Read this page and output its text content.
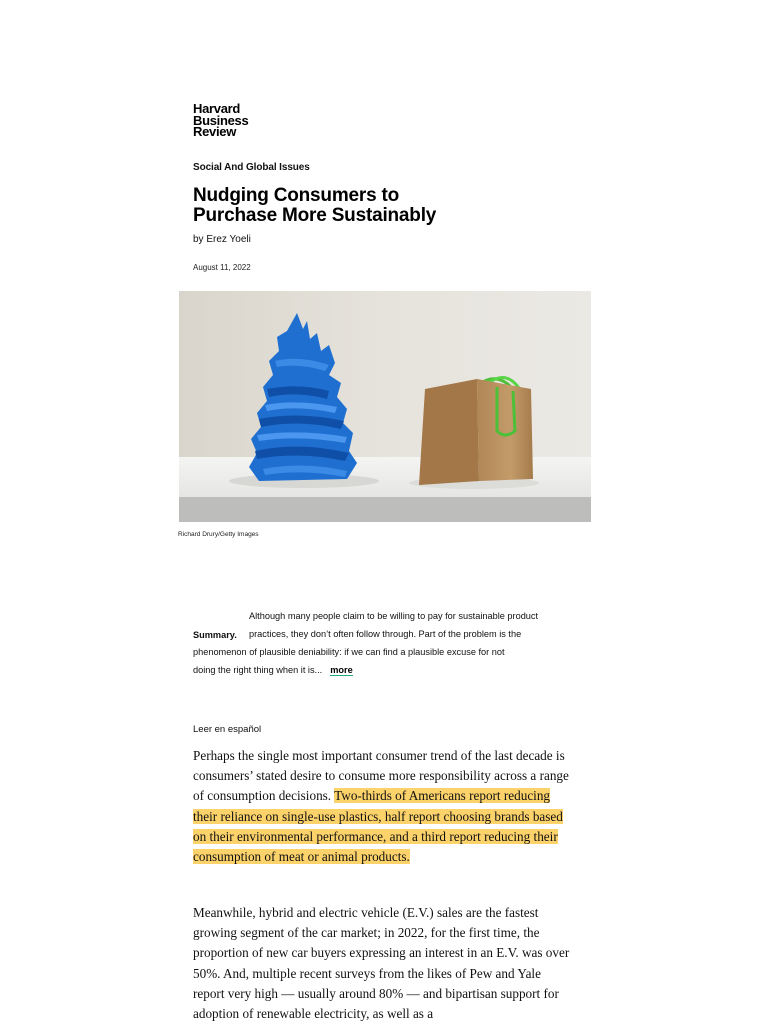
Harvard
Business
Review
Social And Global Issues
Nudging Consumers to
Purchase More Sustainably
by Erez Yoeli
August 11, 2022
Richard Drury/Getty Images
Summary.
Although many people claim to be willing to pay for sustainable product
practices, they don’t often follow through. Part of the problem is the
phenomenon of plausible deniability: if we can find a plausible excuse for not
doing the right thing when it is... more
Leer en español

Perhaps the single most important consumer trend of the last decade is consumers’ stated desire to consume more responsibility across a range of consumption decisions. Two-thirds of Americans report reducing their reliance on single-use plastics, half report choosing brands based on their environmental performance, and a third report reducing their consumption of meat or animal products.

Meanwhile, hybrid and electric vehicle (E.V.) sales are the fastest growing segment of the car market; in 2022, for the first time, the proportion of new car buyers expressing an interest in an E.V. was over 50%. And, multiple recent surveys from the likes of Pew and Yale report very high — usually around 80% — and bipartisan support for adoption of renewable electricity, as well as a
